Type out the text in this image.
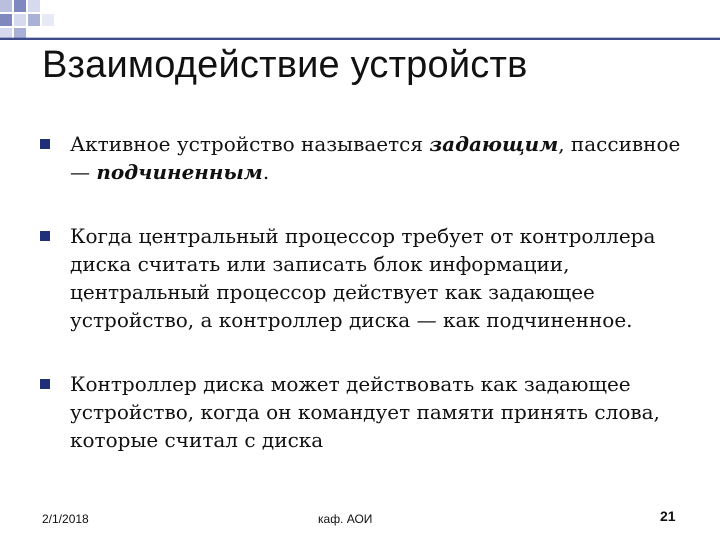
Взаимодействие устройств
Активное устройство называется задающим, пассивное — подчиненным.
Когда центральный процессор требует от контроллера диска считать или записать блок информации, центральный процессор действует как задающее устройство, а контроллер диска — как подчиненное.
Контроллер диска может действовать как задающее устройство, когда он командует памяти принять слова, которые считал с диска
2/1/2018	каф. АОИ	21
